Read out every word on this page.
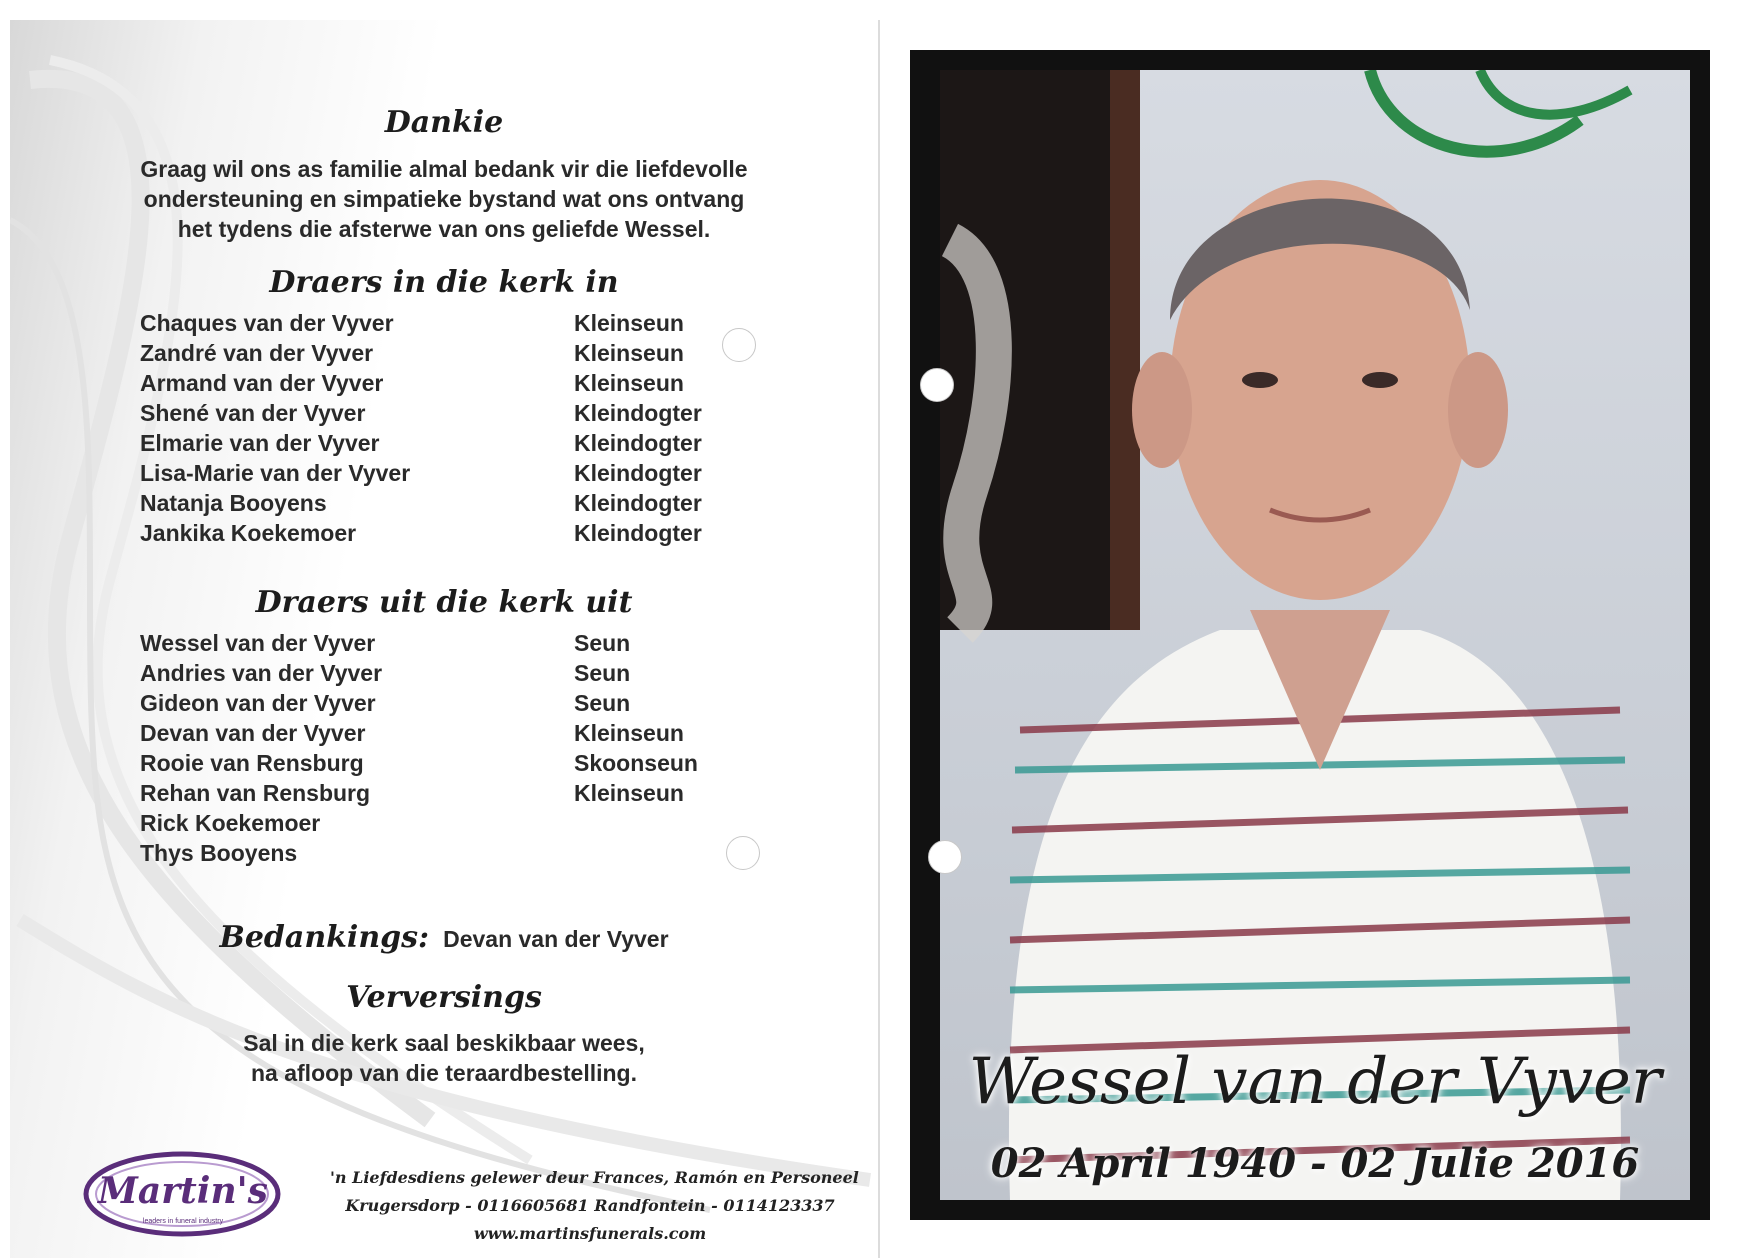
Dankie
Graag wil ons as familie almal bedank vir die liefdevolle
ondersteuning en simpatieke bystand wat ons ontvang
het tydens die afsterwe van ons geliefde Wessel.
Draers in die kerk in
Chaques van der Vyver	Kleinseun
Zandré van der Vyver	Kleinseun
Armand van der Vyver	Kleinseun
Shené van der Vyver	Kleindogter
Elmarie van der Vyver	Kleindogter
Lisa-Marie van der Vyver	Kleindogter
Natanja Booyens	Kleindogter
Jankika Koekemoer	Kleindogter
Draers uit die kerk uit
Wessel van der Vyver	Seun
Andries van der Vyver	Seun
Gideon van der Vyver	Seun
Devan van der Vyver	Kleinseun
Rooie van Rensburg	Skoonseun
Rehan van Rensburg	Kleinseun
Rick Koekemoer
Thys Booyens
Bedankings: Devan van der Vyver
Verversings
Sal in die kerk saal beskikbaar wees,
na afloop van die teraardbestelling.
Martin's
leaders in funeral industry
'n Liefdesdiens gelewer deur Frances, Ramón en Personeel
Krugersdorp - 0116605681 Randfontein - 0114123337
www.martinsfunerals.com
Wessel van der Vyver
02 April 1940 - 02 Julie 2016
